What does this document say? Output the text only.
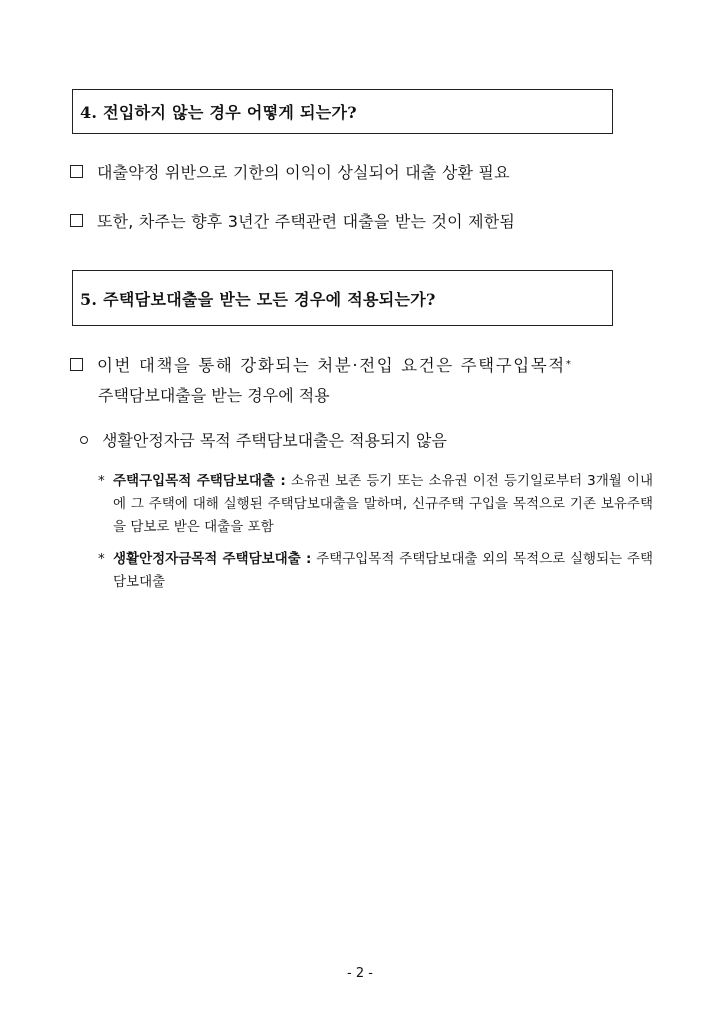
4. 전입하지 않는 경우 어떻게 되는가?
대출약정 위반으로 기한의 이익이 상실되어 대출 상환 필요
또한, 차주는 향후 3년간 주택관련 대출을 받는 것이 제한됨
5. 주택담보대출을 받는 모든 경우에 적용되는가?
이번 대책을 통해 강화되는 처분·전입 요건은 주택구입목적 *
주택담보대출을 받는 경우에 적용
생활안정자금 목적 주택담보대출은 적용되지 않음
* 주택구입목적 주택담보대출 : 소유권 보존 등기 또는 소유권 이전 등기일로부터 3개월 이내에 그 주택에 대해 실행된 주택담보대출을 말하며, 신규주택 구입을 목적으로 기존 보유주택을 담보로 받은 대출을 포함
* 생활안정자금목적 주택담보대출 : 주택구입목적 주택담보대출 외의 목적으로 실행되는 주택담보대출
- 2 -
